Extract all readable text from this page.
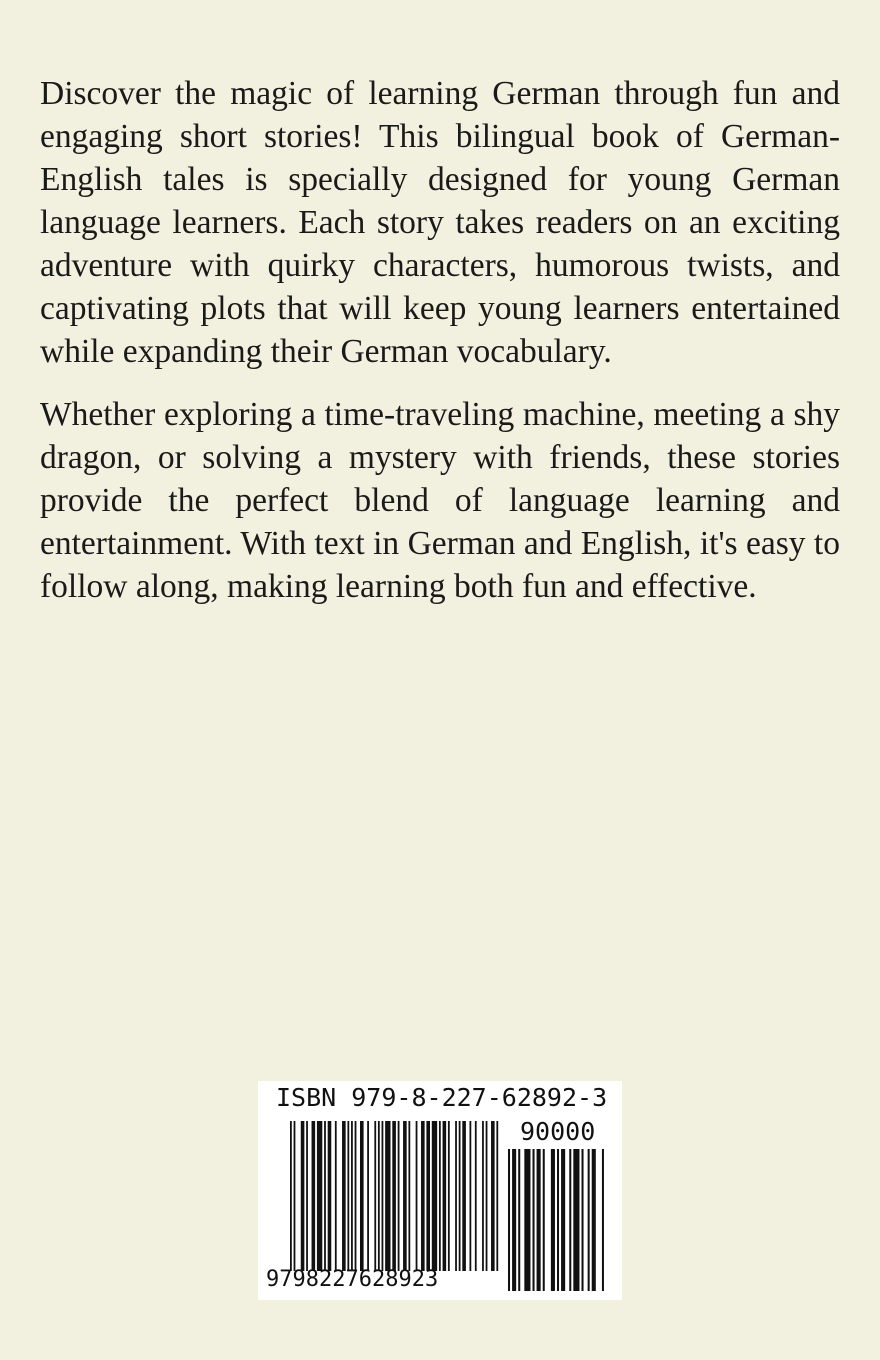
Discover the magic of learning German through fun and engaging short stories! This bilingual book of German-English tales is specially designed for young German language learners. Each story takes readers on an exciting adventure with quirky characters, humorous twists, and captivating plots that will keep young learners entertained while expanding their German vocabulary.

Whether exploring a time-traveling machine, meeting a shy dragon, or solving a mystery with friends, these stories provide the perfect blend of language learning and entertainment. With text in German and English, it's easy to follow along, making learning both fun and effective.

ISBN 979-8-227-62892-3
90000
9798227628923
